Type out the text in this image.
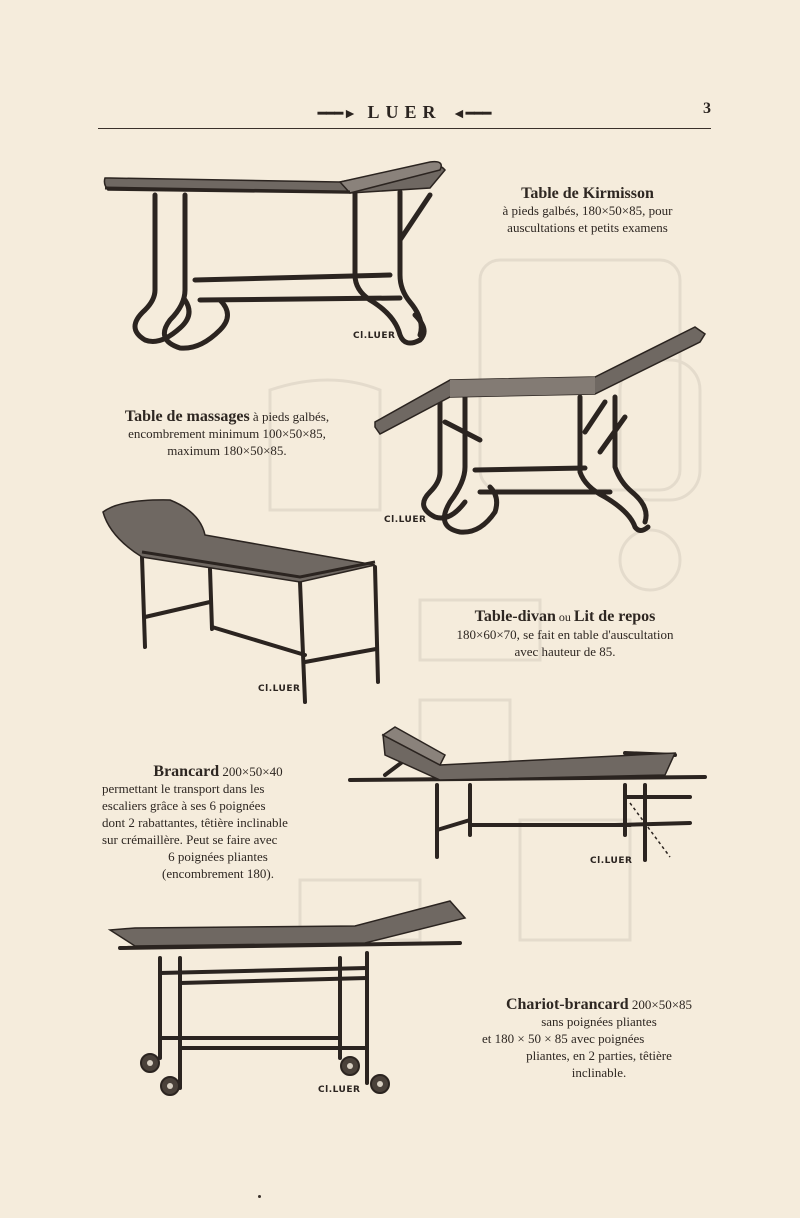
━━━► LUER ◄━━━	3
Cl.LUER
Table de Kirmisson
à pieds galbés, 180×50×85, pour
auscultations et petits examens
Cl.LUER
Table de massages à pieds galbés,
encombrement minimum 100×50×85,
maximum 180×50×85.
Cl.LUER
Table-divan ou Lit de repos
180×60×70, se fait en table d'auscultation
avec hauteur de 85.
Cl.LUER
Brancard 200×50×40
permettant le transport dans les
escaliers grâce à ses 6 poignées
dont 2 rabattantes, têtière inclinable
sur crémaillère. Peut se faire avec
6 poignées pliantes
(encombrement 180).
Cl.LUER
Chariot-brancard 200×50×85
sans poignées pliantes
et 180 × 50 × 85 avec poignées
pliantes, en 2 parties, têtière
inclinable.
